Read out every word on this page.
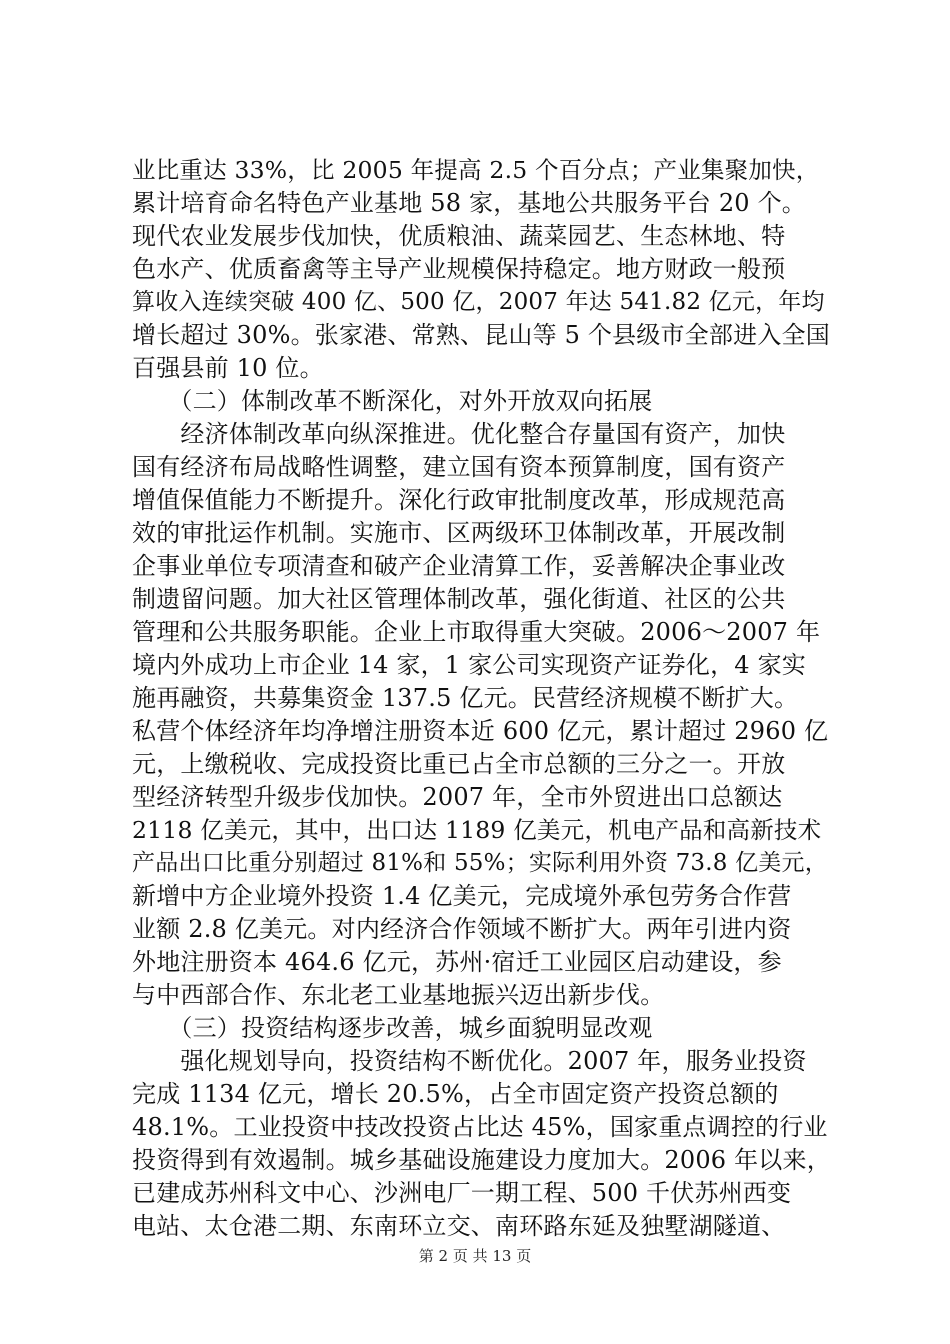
业比重达 33%，比 2005 年提高 2.5 个百分点；产业集聚加快，
累计培育命名特色产业基地 58 家，基地公共服务平台 20 个。
现代农业发展步伐加快，优质粮油、蔬菜园艺、生态林地、特
色水产、优质畜禽等主导产业规模保持稳定。地方财政一般预
算收入连续突破 400 亿、500 亿，2007 年达 541.82 亿元，年均
增长超过 30%。张家港、常熟、昆山等 5 个县级市全部进入全国
百强县前 10 位。
　　（二）体制改革不断深化，对外开放双向拓展
　　经济体制改革向纵深推进。优化整合存量国有资产，加快
国有经济布局战略性调整，建立国有资本预算制度，国有资产
增值保值能力不断提升。深化行政审批制度改革，形成规范高
效的审批运作机制。实施市、区两级环卫体制改革，开展改制
企事业单位专项清查和破产企业清算工作，妥善解决企事业改
制遗留问题。加大社区管理体制改革，强化街道、社区的公共
管理和公共服务职能。企业上市取得重大突破。2006～2007 年
境内外成功上市企业 14 家，1 家公司实现资产证券化，4 家实
施再融资，共募集资金 137.5 亿元。民营经济规模不断扩大。
私营个体经济年均净增注册资本近 600 亿元，累计超过 2960 亿
元，上缴税收、完成投资比重已占全市总额的三分之一。开放
型经济转型升级步伐加快。2007 年，全市外贸进出口总额达
2118 亿美元，其中，出口达 1189 亿美元，机电产品和高新技术
产品出口比重分别超过 81%和 55%；实际利用外资 73.8 亿美元，
新增中方企业境外投资 1.4 亿美元，完成境外承包劳务合作营
业额 2.8 亿美元。对内经济合作领域不断扩大。两年引进内资
外地注册资本 464.6 亿元，苏州·宿迁工业园区启动建设，参
与中西部合作、东北老工业基地振兴迈出新步伐。
　　（三）投资结构逐步改善，城乡面貌明显改观
　　强化规划导向，投资结构不断优化。2007 年，服务业投资
完成 1134 亿元，增长 20.5%，占全市固定资产投资总额的
48.1%。工业投资中技改投资占比达 45%，国家重点调控的行业
投资得到有效遏制。城乡基础设施建设力度加大。2006 年以来，
已建成苏州科文中心、沙洲电厂一期工程、500 千伏苏州西变
电站、太仓港二期、东南环立交、南环路东延及独墅湖隧道、
第 2 页 共 13 页
